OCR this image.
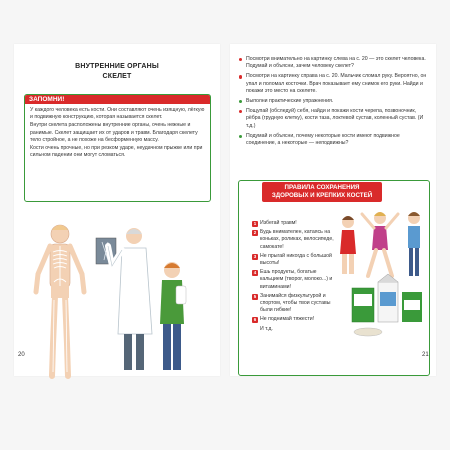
ВНУТРЕННИЕ ОРГАНЫ
СКЕЛЕТ
ЗАПОМНИ!

У каждого человека есть кости. Они составляют очень изящную, лёгкую и подвижную конструкцию, которая называется скелет.

Внутри скелета расположены внутренние органы, очень нежные и ранимые. Скелет защищает их от ударов и травм. Благодаря скелету тело стройное, а не похоже на бесформенную массу.

Кости очень прочные, но при резком ударе, неудачном прыжке или при сильном падении они могут сломаться.

20
Посмотри внимательно на картинку слева на с. 20 — это скелет человека. Подумай и объясни, зачем человеку скелет?
Посмотри на картинку справа на с. 20. Мальчик сломал руку. Вероятно, он упал и поломал косточки. Врач показывает ему снимок его руки. Найди и покажи это место на скелете.
Выполни практические упражнения.
Пощупай (обследуй) себя, найди и покажи кости черепа, позвоночник, рёбра (грудную клетку), кости таза, локтевой сустав, коленный сустав. (И т.д.)
Подумай и объясни, почему некоторые кости имеют подвижное соединение, а некоторые — неподвижны?
ПРАВИЛА СОХРАНЕНИЯ
ЗДОРОВЫХ И КРЕПКИХ КОСТЕЙ
1 Избегай травм!
2 Будь внимателен, катаясь на коньках, роликах, велосипеде, самокате!
3 Не прыгай никогда с большой высоты!
4 Ешь продукты, богатые кальцием (творог, молоко...) и витаминами!
5 Занимайся физкультурой и спортом, чтобы твои суставы были гибкие!
6 Не поднимай тяжести!
И т.д.
21
